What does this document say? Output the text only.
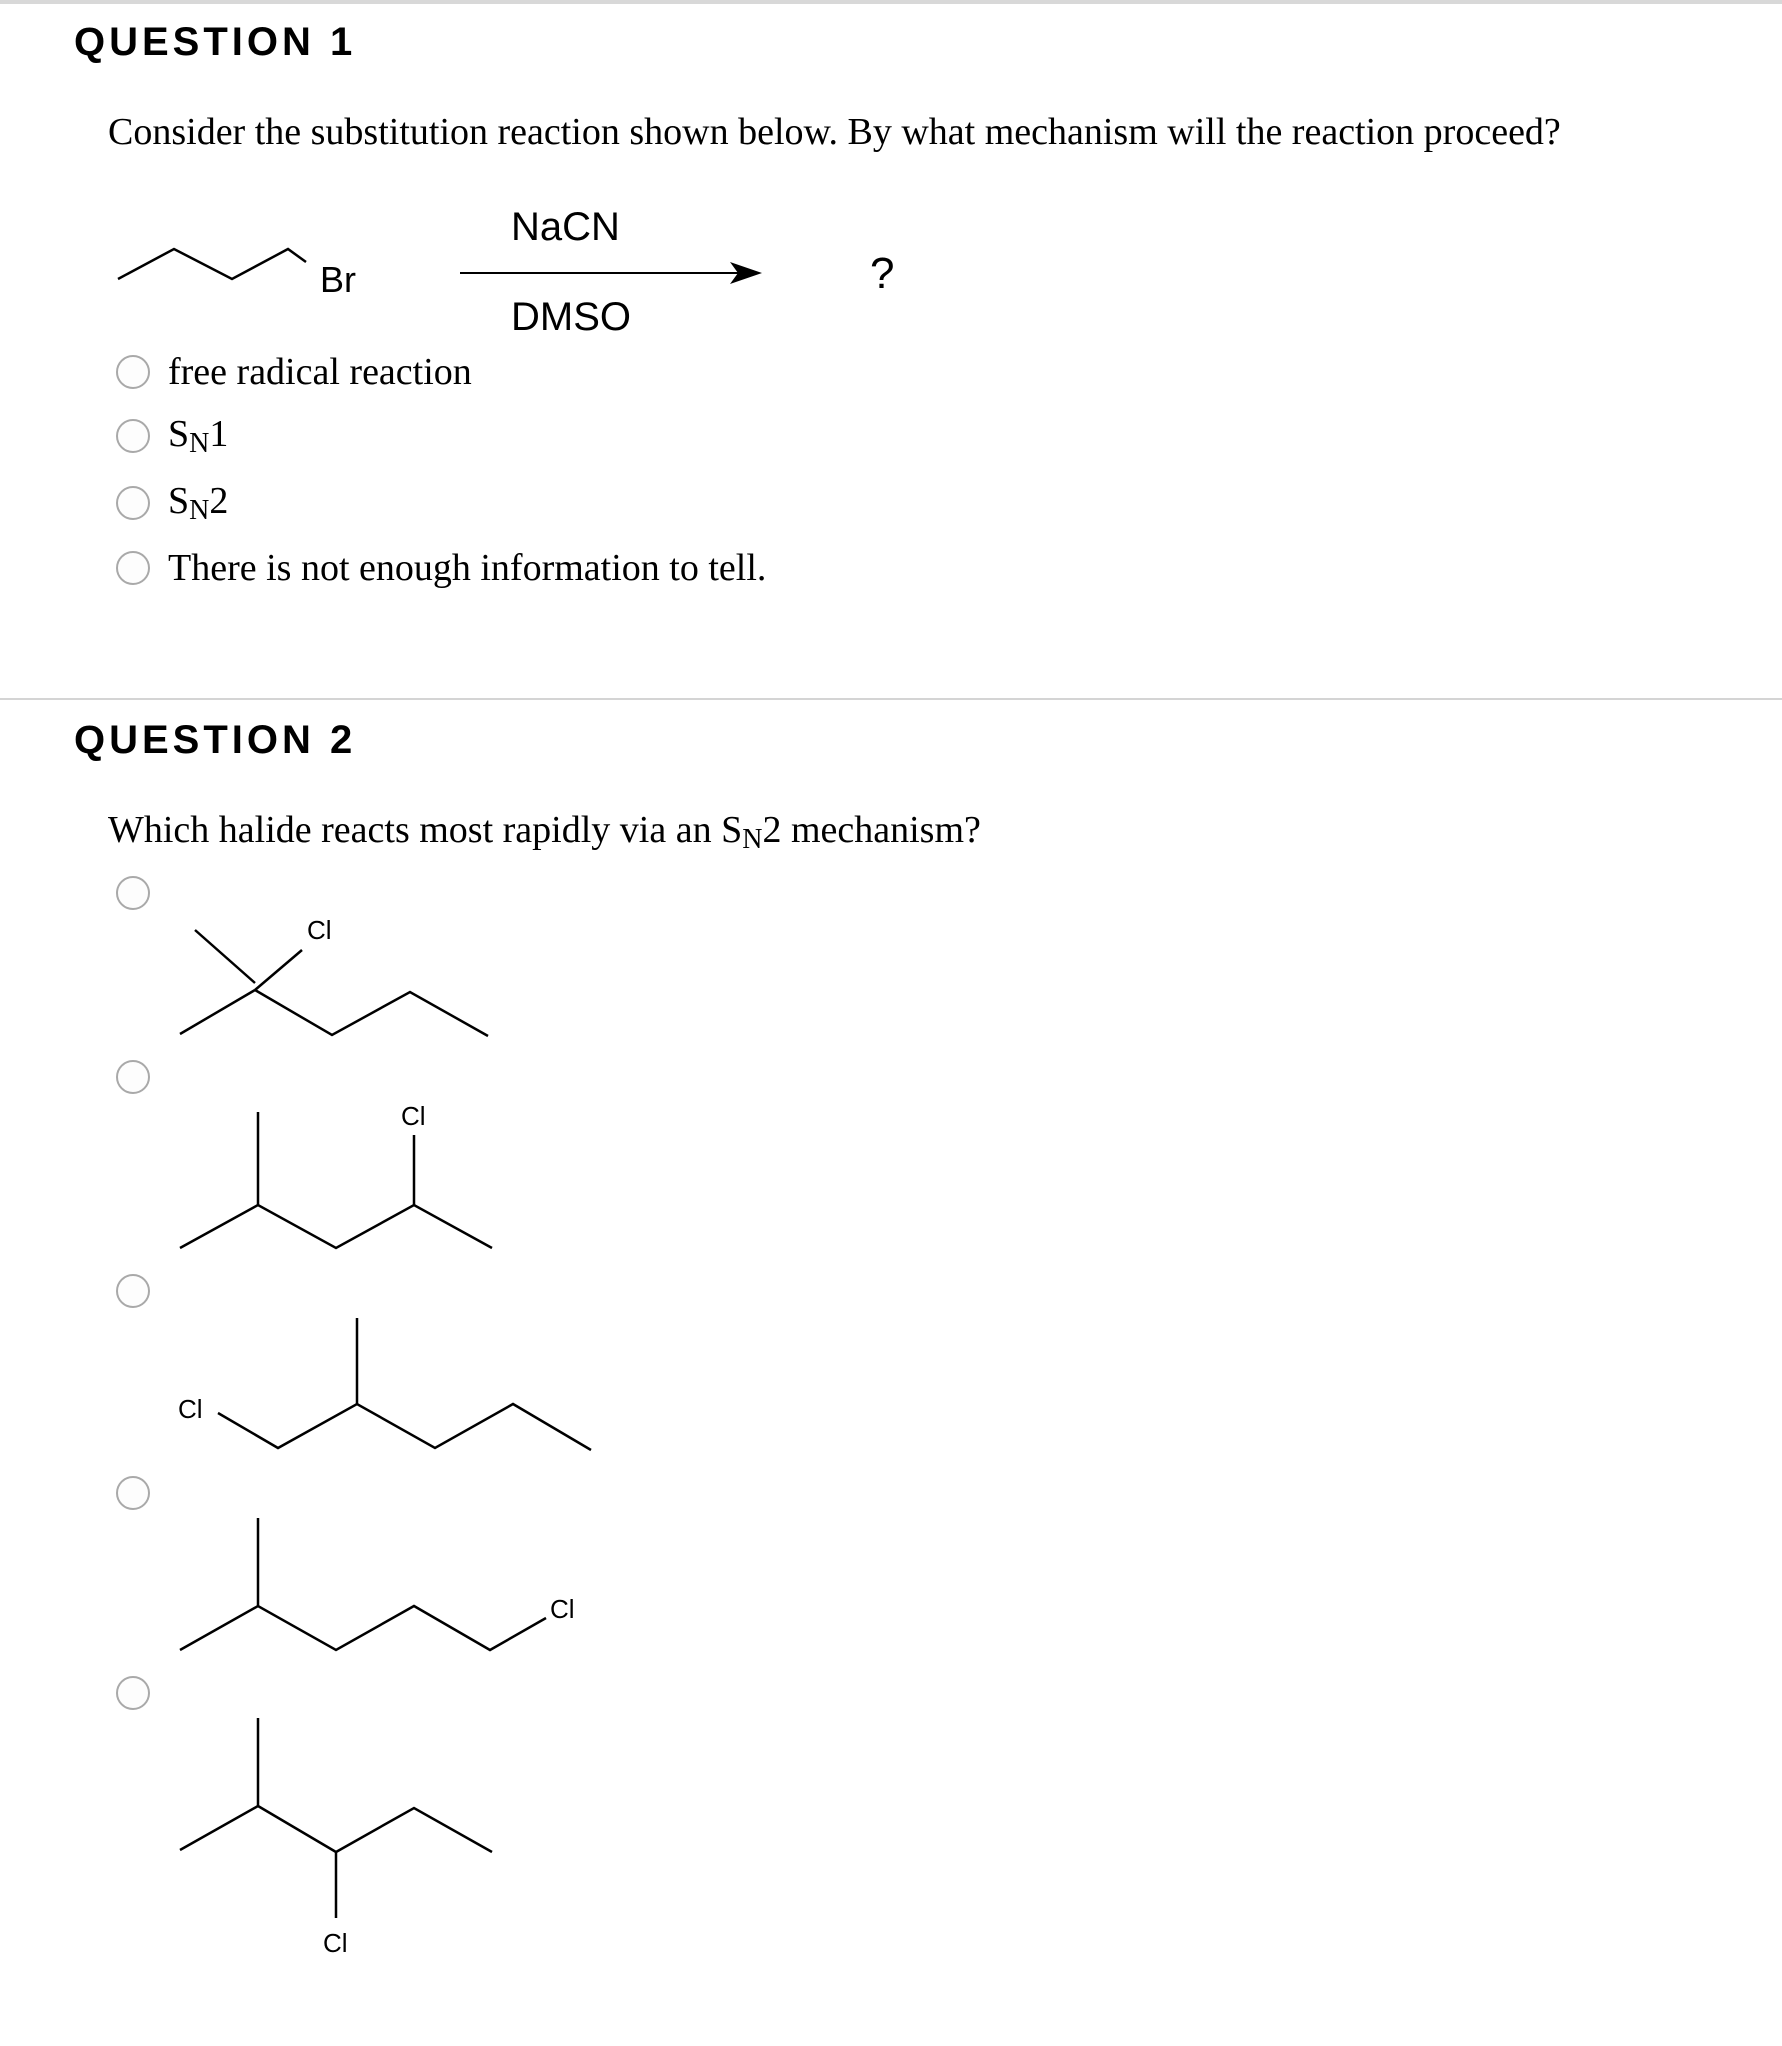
QUESTION 1
Consider the substitution reaction shown below. By what mechanism will the reaction proceed?
Br
NaCN
DMSO
?
Cl
Cl
Cl
Cl
Cl
free radical reaction
$S_N1$
$S_N2$
There is not enough information to tell.
QUESTION 2
Which halide reacts most rapidly via an $S_N2$ mechanism?
